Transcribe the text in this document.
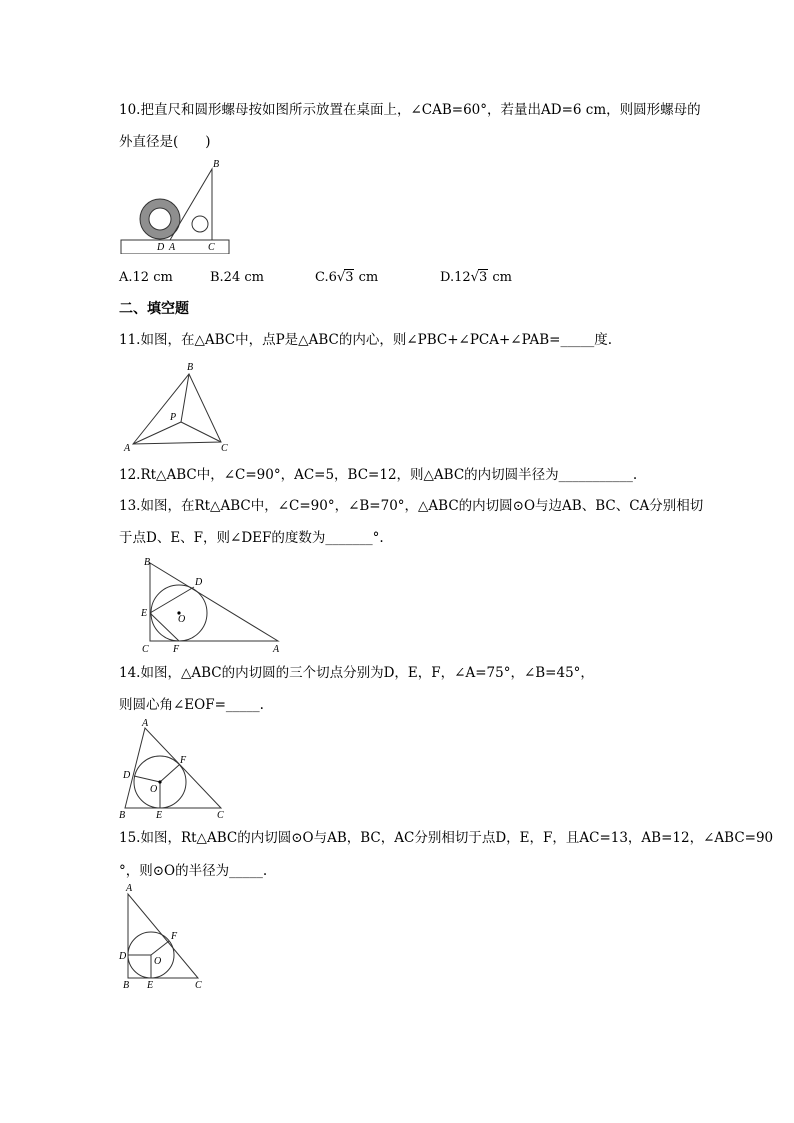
10.把直尺和圆形螺母按如图所示放置在桌面上，∠CAB=60°，若量出AD=6 cm，则圆形螺母的
外直径是(　　)
B
D A	C
A.12 cm	B.24 cm	C.6√3 cm	D.12√3 cm
二、填空题
11.如图，在△ABC中，点P是△ABC的内心，则∠PBC+∠PCA+∠PAB=_____度.
B
P
A	C
12.Rt△ABC中，∠C=90°，AC=5，BC=12，则△ABC的内切圆半径为___________.
13.如图，在Rt△ABC中，∠C=90°，∠B=70°，△ABC的内切圆⊙O与边AB、BC、CA分别相切
于点D、E、F，则∠DEF的度数为_______°.
B
D
E
O
C F	A
14.如图，△ABC的内切圆的三个切点分别为D，E，F，∠A=75°，∠B=45°，
则圆心角∠EOF=_____.
A
F
D
O
B	E	C
15.如图，Rt△ABC的内切圆⊙O与AB，BC，AC分别相切于点D，E，F，且AC=13，AB=12，∠ABC=90
°，则⊙O的半径为_____.
A
F
D	O
B E	C
